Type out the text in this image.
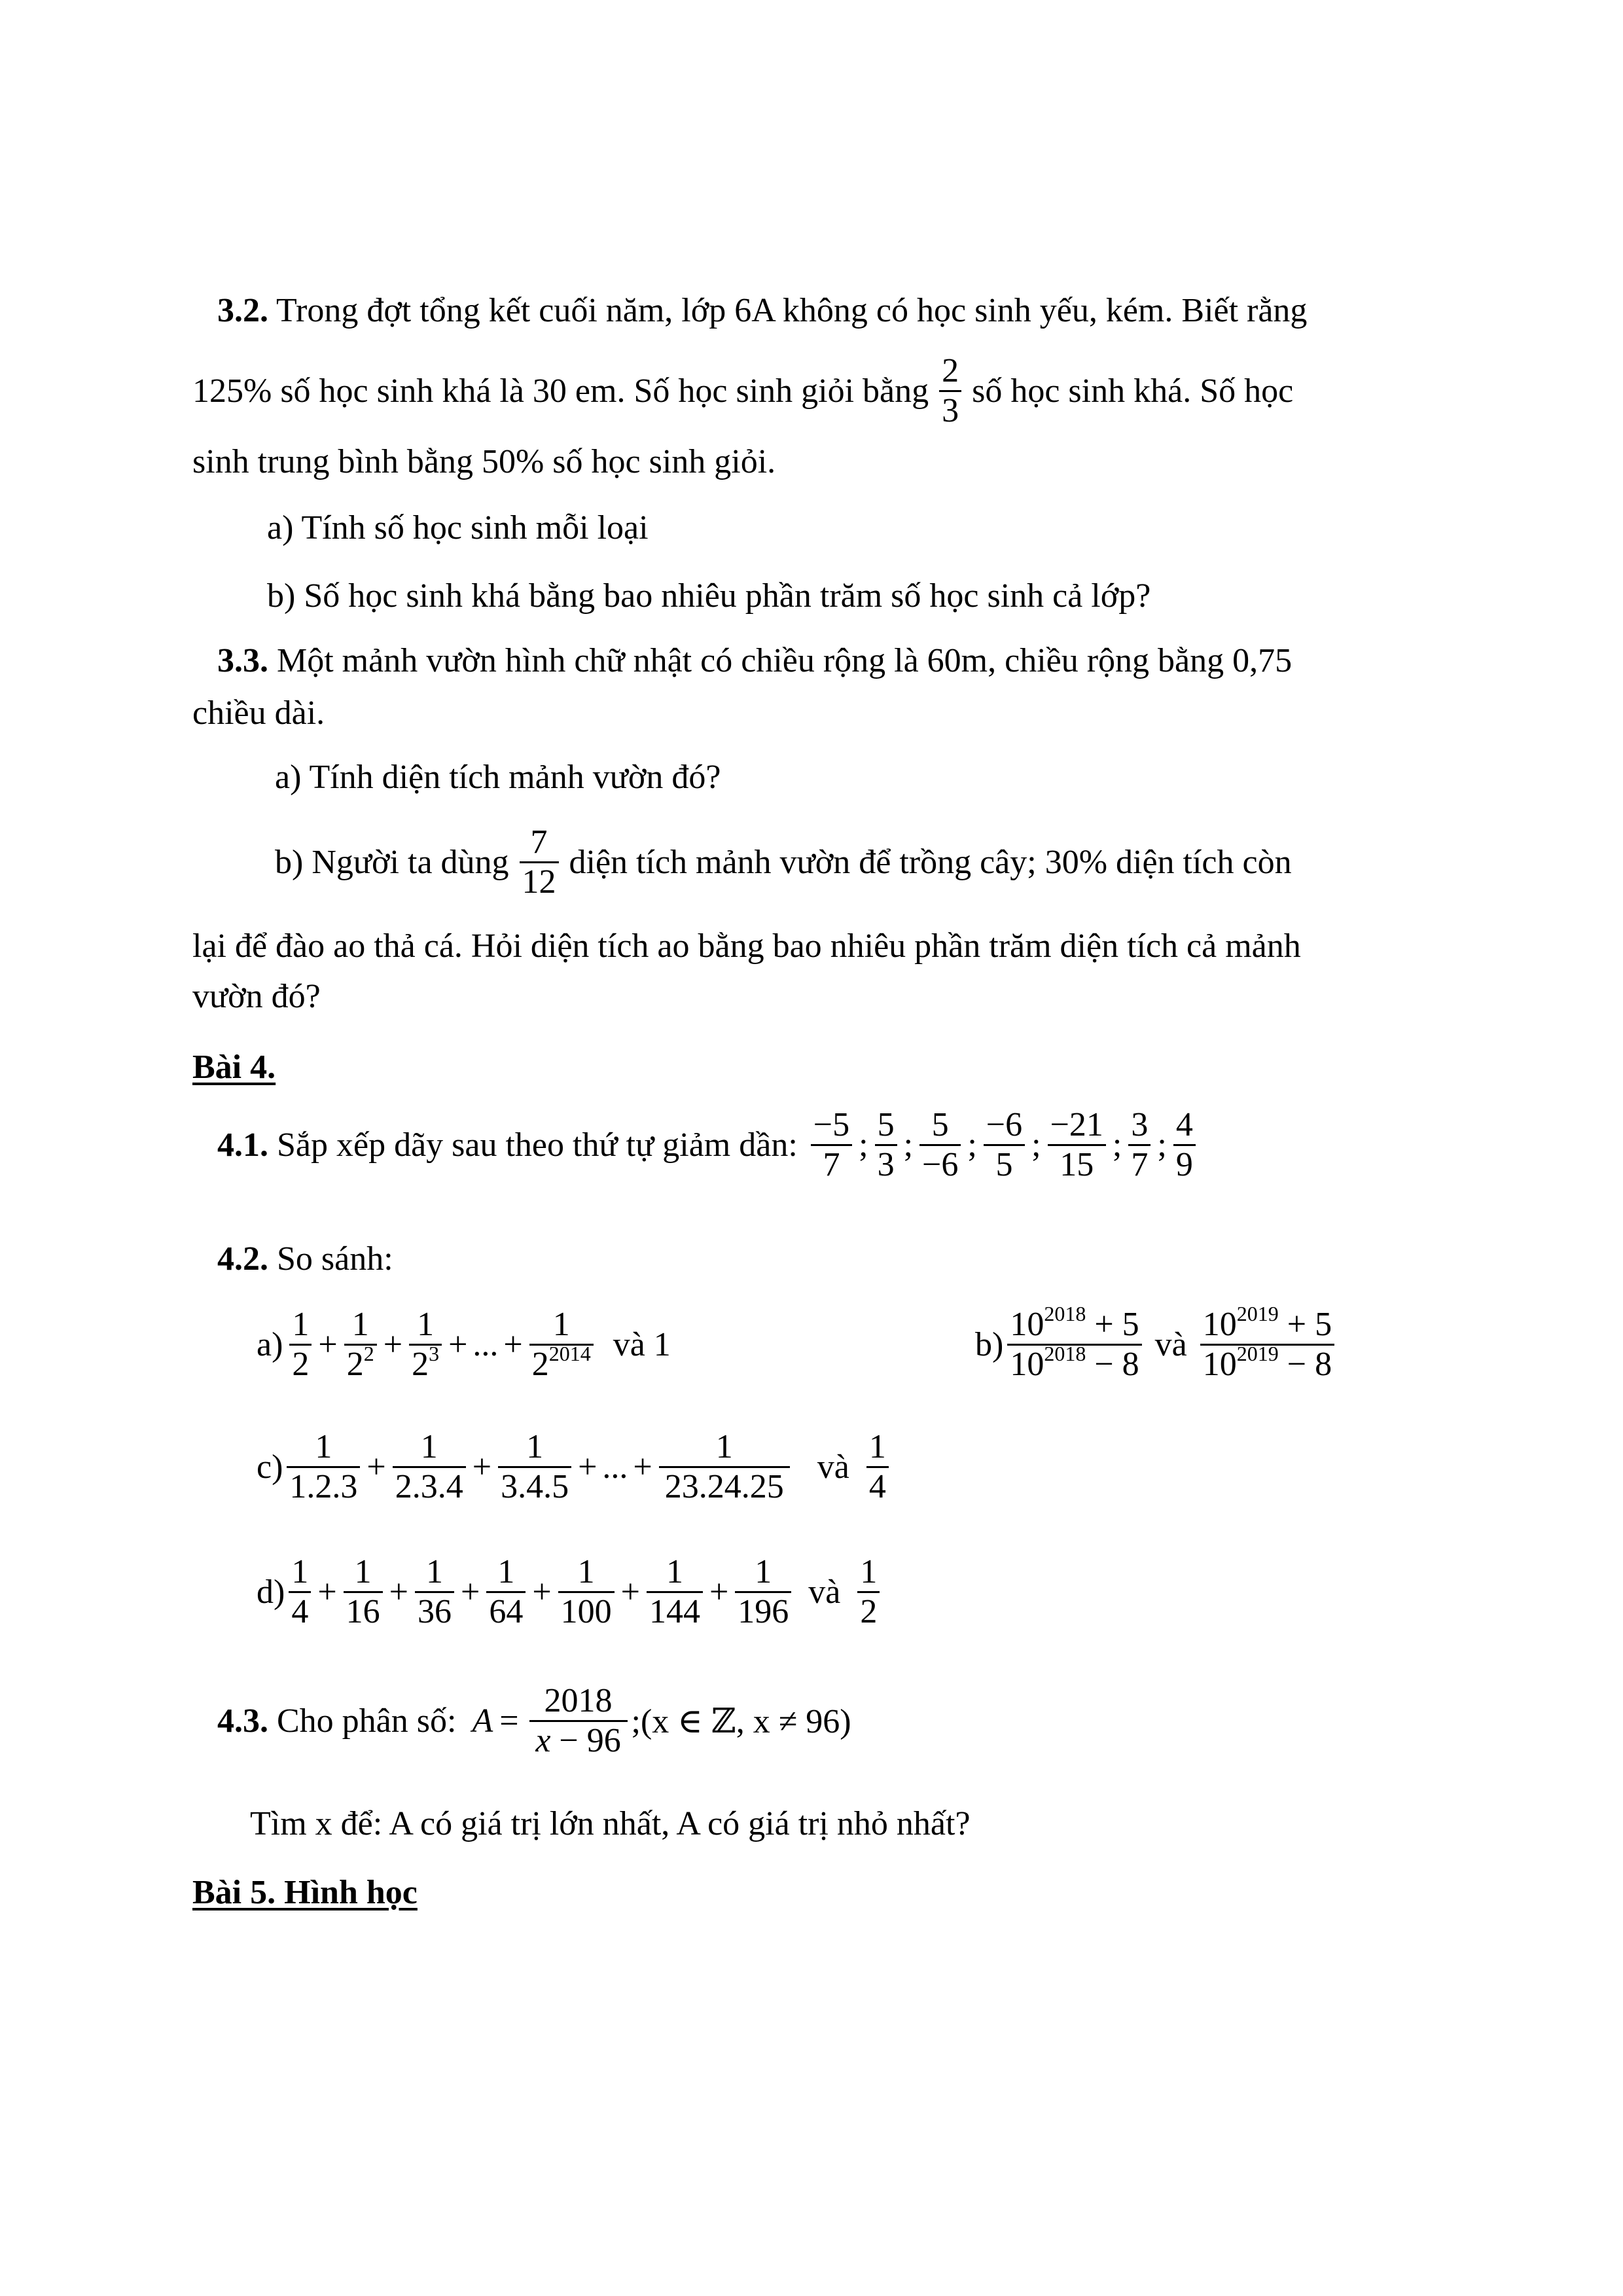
3.2. Trong đợt tổng kết cuối năm, lớp 6A không có học sinh yếu, kém. Biết rằng
125% số học sinh khá là 30 em. Số học sinh giỏi bằng $\frac{2}{3}$ số học sinh khá. Số học
sinh trung bình bằng 50% số học sinh giỏi.
a) Tính số học sinh mỗi loại
b) Số học sinh khá bằng bao nhiêu phần trăm số học sinh cả lớp?
3.3. Một mảnh vườn hình chữ nhật có chiều rộng là 60m, chiều rộng bằng 0,75
chiều dài.
a) Tính diện tích mảnh vườn đó?
b) Người ta dùng $\frac{7}{12}$ diện tích mảnh vườn để trồng cây; 30% diện tích còn
lại để đào ao thả cá. Hỏi diện tích ao bằng bao nhiêu phần trăm diện tích cả mảnh
vườn đó?
Bài 4.
4.1. Sắp xếp dãy sau theo thứ tự giảm dần: $\frac{-5}{7}$ ; $\frac{5}{3}$ ; $\frac{5}{-6}$ ; $\frac{-6}{5}$ ; $\frac{-21}{15}$ ; $\frac{3}{7}$ ; $\frac{4}{9}$
4.2. So sánh:
$a) \frac{1}{2} + \frac{1}{2^2} + \frac{1}{2^3}$ + ... + $\frac{1}{2^{2014}}$ và 1	$b) \frac{10^{2018} + 5}{10^{2018} - 8}$ và $\frac{10^{2019} + 5}{10^{2019} - 8}$
$c) \frac{1}{1.2.3} + \frac{1}{2.3.4} + \frac{1}{3.4.5}$ + ... + $\frac{1}{23.24.25}$ và $\frac{1}{4}$
$d) \frac{1}{4} + \frac{1}{16} + \frac{1}{36} + \frac{1}{64} + \frac{1}{100} + \frac{1}{144} + \frac{1}{196}$ và $\frac{1}{2}$
4.3. Cho phân số: $A = \frac{2018}{x - 96}$ ;(x ∈ ℤ, x ≠ 96)
Tìm x để: A có giá trị lớn nhất, A có giá trị nhỏ nhất?
Bài 5. Hình học
